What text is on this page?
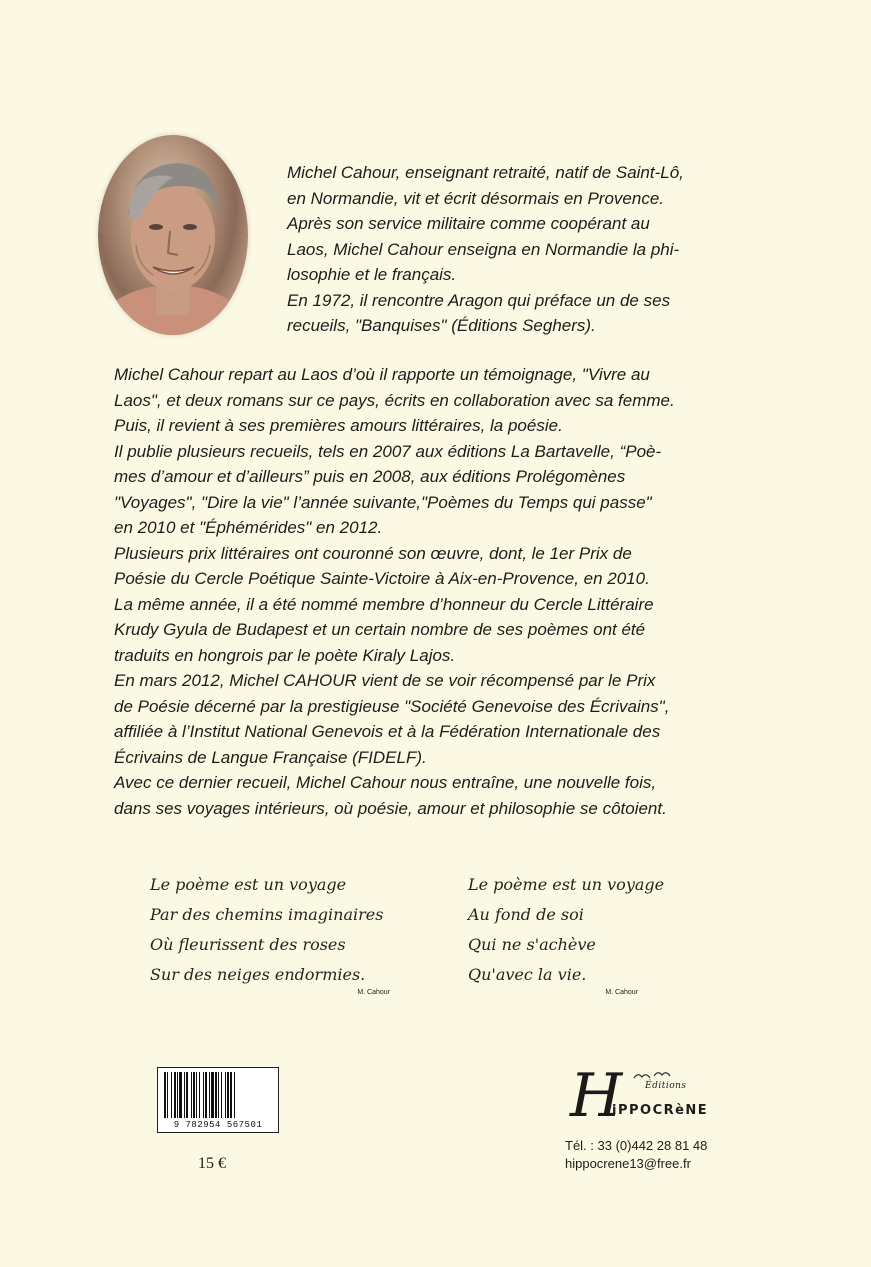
Michel Cahour, enseignant retraité, natif de Saint-Lô,

en Normandie, vit et écrit désormais en Provence.

Après son service militaire comme coopérant au

Laos, Michel Cahour enseigna en Normandie la phi-

losophie et le français.

En 1972, il rencontre Aragon qui préface un de ses

recueils, "Banquises" (Éditions Seghers).

Michel Cahour repart au Laos d’où il rapporte un témoignage, "Vivre au

Laos", et deux romans sur ce pays, écrits en collaboration avec sa femme.

Puis, il revient à ses premières amours littéraires, la poésie.

Il publie plusieurs recueils, tels en 2007 aux éditions La Bartavelle, “Poè-

mes d’amour et d’ailleurs” puis en 2008, aux éditions Prolégomènes

"Voyages", "Dire la vie" l’année suivante,"Poèmes du Temps qui passe"

en 2010 et "Éphémérides" en 2012.

Plusieurs prix littéraires ont couronné son œuvre, dont, le 1er Prix de

Poésie du Cercle Poétique Sainte-Victoire à Aix-en-Provence, en 2010.

La même année, il a été nommé membre d’honneur du Cercle Littéraire

Krudy Gyula de Budapest et un certain nombre de ses poèmes ont été

traduits en hongrois par le poète Kiraly Lajos.

En mars 2012, Michel CAHOUR vient de se voir récompensé par le Prix

de Poésie décerné par la prestigieuse "Société Genevoise des Écrivains",

affiliée à l’Institut National Genevois et à la Fédération Internationale des

Écrivains de Langue Française (FIDELF).

Avec ce dernier recueil, Michel Cahour nous entraîne, une nouvelle fois,

dans ses voyages intérieurs, où poésie, amour et philosophie se côtoient.

Le poème est un voyage
Par des chemins imaginaires
Où fleurissent des roses
Sur des neiges endormies.
M. Cahour
Le poème est un voyage
Au fond de soi
Qui ne s'achève
Qu'avec la vie.
M. Cahour
9 782954 567501
15 €
H	Éditions
iPPOCRèNE
Tél. : 33 (0)442 28 81 48
hippocrene13@free.fr
